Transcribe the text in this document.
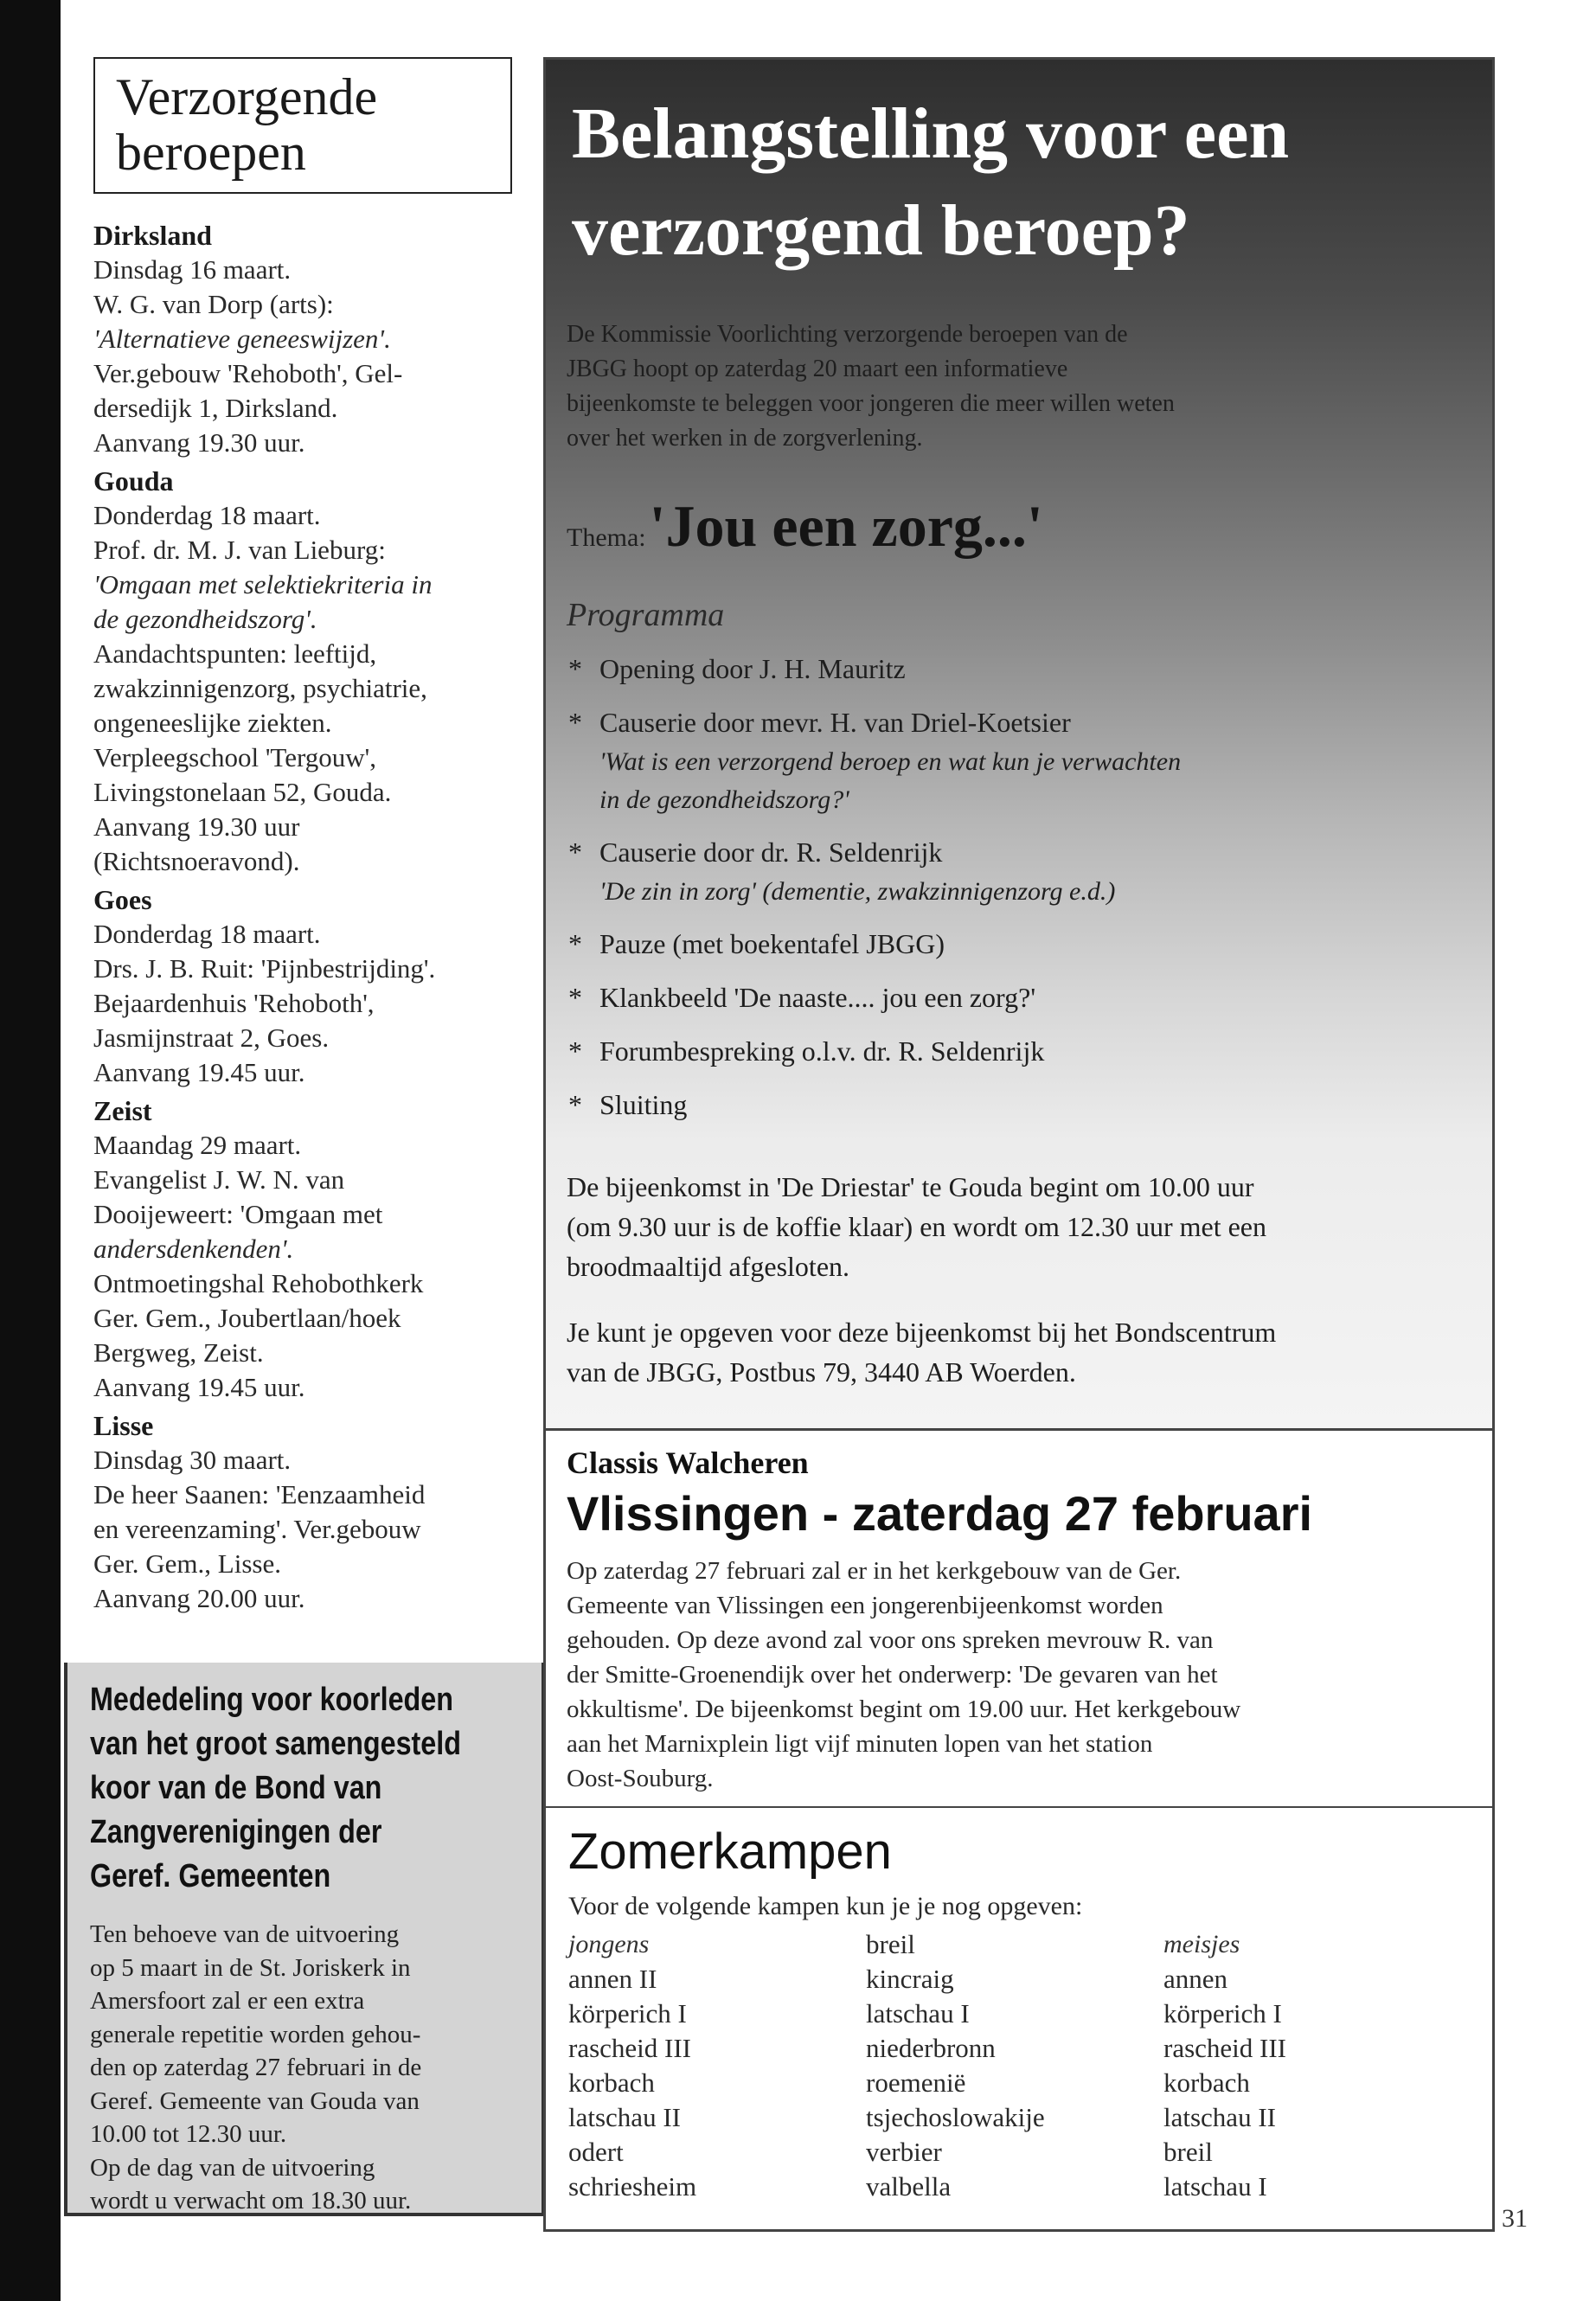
Verzorgende
beroepen
Dirksland
Dinsdag 16 maart.
W. G. van Dorp (arts):
'Alternatieve geneeswijzen'.
Ver.gebouw 'Rehoboth', Gel-
dersedijk 1, Dirksland.
Aanvang 19.30 uur.
Gouda
Donderdag 18 maart.
Prof. dr. M. J. van Lieburg:
'Omgaan met selektiekriteria in
de gezondheidszorg'.
Aandachtspunten: leeftijd,
zwakzinnigenzorg, psychiatrie,
ongeneeslijke ziekten.
Verpleegschool 'Tergouw',
Livingstonelaan 52, Gouda.
Aanvang 19.30 uur
(Richtsnoeravond).
Goes
Donderdag 18 maart.
Drs. J. B. Ruit: 'Pijnbestrijding'.
Bejaardenhuis 'Rehoboth',
Jasmijnstraat 2, Goes.
Aanvang 19.45 uur.
Zeist
Maandag 29 maart.
Evangelist J. W. N. van
Dooijeweert: 'Omgaan met
andersdenkenden'.
Ontmoetingshal Rehobothkerk
Ger. Gem., Joubertlaan/hoek
Bergweg, Zeist.
Aanvang 19.45 uur.
Lisse
Dinsdag 30 maart.
De heer Saanen: 'Eenzaamheid
en vereenzaming'. Ver.gebouw
Ger. Gem., Lisse.
Aanvang 20.00 uur.
Mededeling voor koorleden
van het groot samengesteld
koor van de Bond van
Zangverenigingen der
Geref. Gemeenten

Ten behoeve van de uitvoering

op 5 maart in de St. Joriskerk in

Amersfoort zal er een extra

generale repetitie worden gehou-

den op zaterdag 27 februari in de

Geref. Gemeente van Gouda van

10.00 tot 12.30 uur.

Op de dag van de uitvoering

wordt u verwacht om 18.30 uur.

Belangstelling voor een
verzorgend beroep?
De Kommissie Voorlichting verzorgende beroepen van de
JBGG hoopt op zaterdag 20 maart een informatieve
bijeenkomste te beleggen voor jongeren die meer willen weten
over het werken in de zorgverlening.
Thema: 'Jou een zorg...'
Programma
* Opening door J. H. Mauritz
* Causerie door mevr. H. van Driel-Koetsier
'Wat is een verzorgend beroep en wat kun je verwachten
in de gezondheidszorg?'
* Causerie door dr. R. Seldenrijk
'De zin in zorg' (dementie, zwakzinnigenzorg e.d.)
* Pauze (met boekentafel JBGG)
* Klankbeeld 'De naaste.... jou een zorg?'
* Forumbespreking o.l.v. dr. R. Seldenrijk
* Sluiting

De bijeenkomst in 'De Driestar' te Gouda begint om 10.00 uur
(om 9.30 uur is de koffie klaar) en wordt om 12.30 uur met een
broodmaaltijd afgesloten.

Je kunt je opgeven voor deze bijeenkomst bij het Bondscentrum
van de JBGG, Postbus 79, 3440 AB Woerden.

Classis Walcheren
Vlissingen - zaterdag 27 februari

Op zaterdag 27 februari zal er in het kerkgebouw van de Ger.
Gemeente van Vlissingen een jongerenbijeenkomst worden
gehouden. Op deze avond zal voor ons spreken mevrouw R. van
der Smitte-Groenendijk over het onderwerp: 'De gevaren van het
okkultisme'. De bijeenkomst begint om 19.00 uur. Het kerkgebouw
aan het Marnixplein ligt vijf minuten lopen van het station
Oost-Souburg.

Zomerkampen
Voor de volgende kampen kun je je nog opgeven:
jongens
annen II
körperich I
rascheid III
korbach
latschau II
odert
schriesheim
breil
kincraig
latschau I
niederbronn
roemenië
tsjechoslowakije
verbier
valbella
meisjes
annen
körperich I
rascheid III
korbach
latschau II
breil
latschau I
31
